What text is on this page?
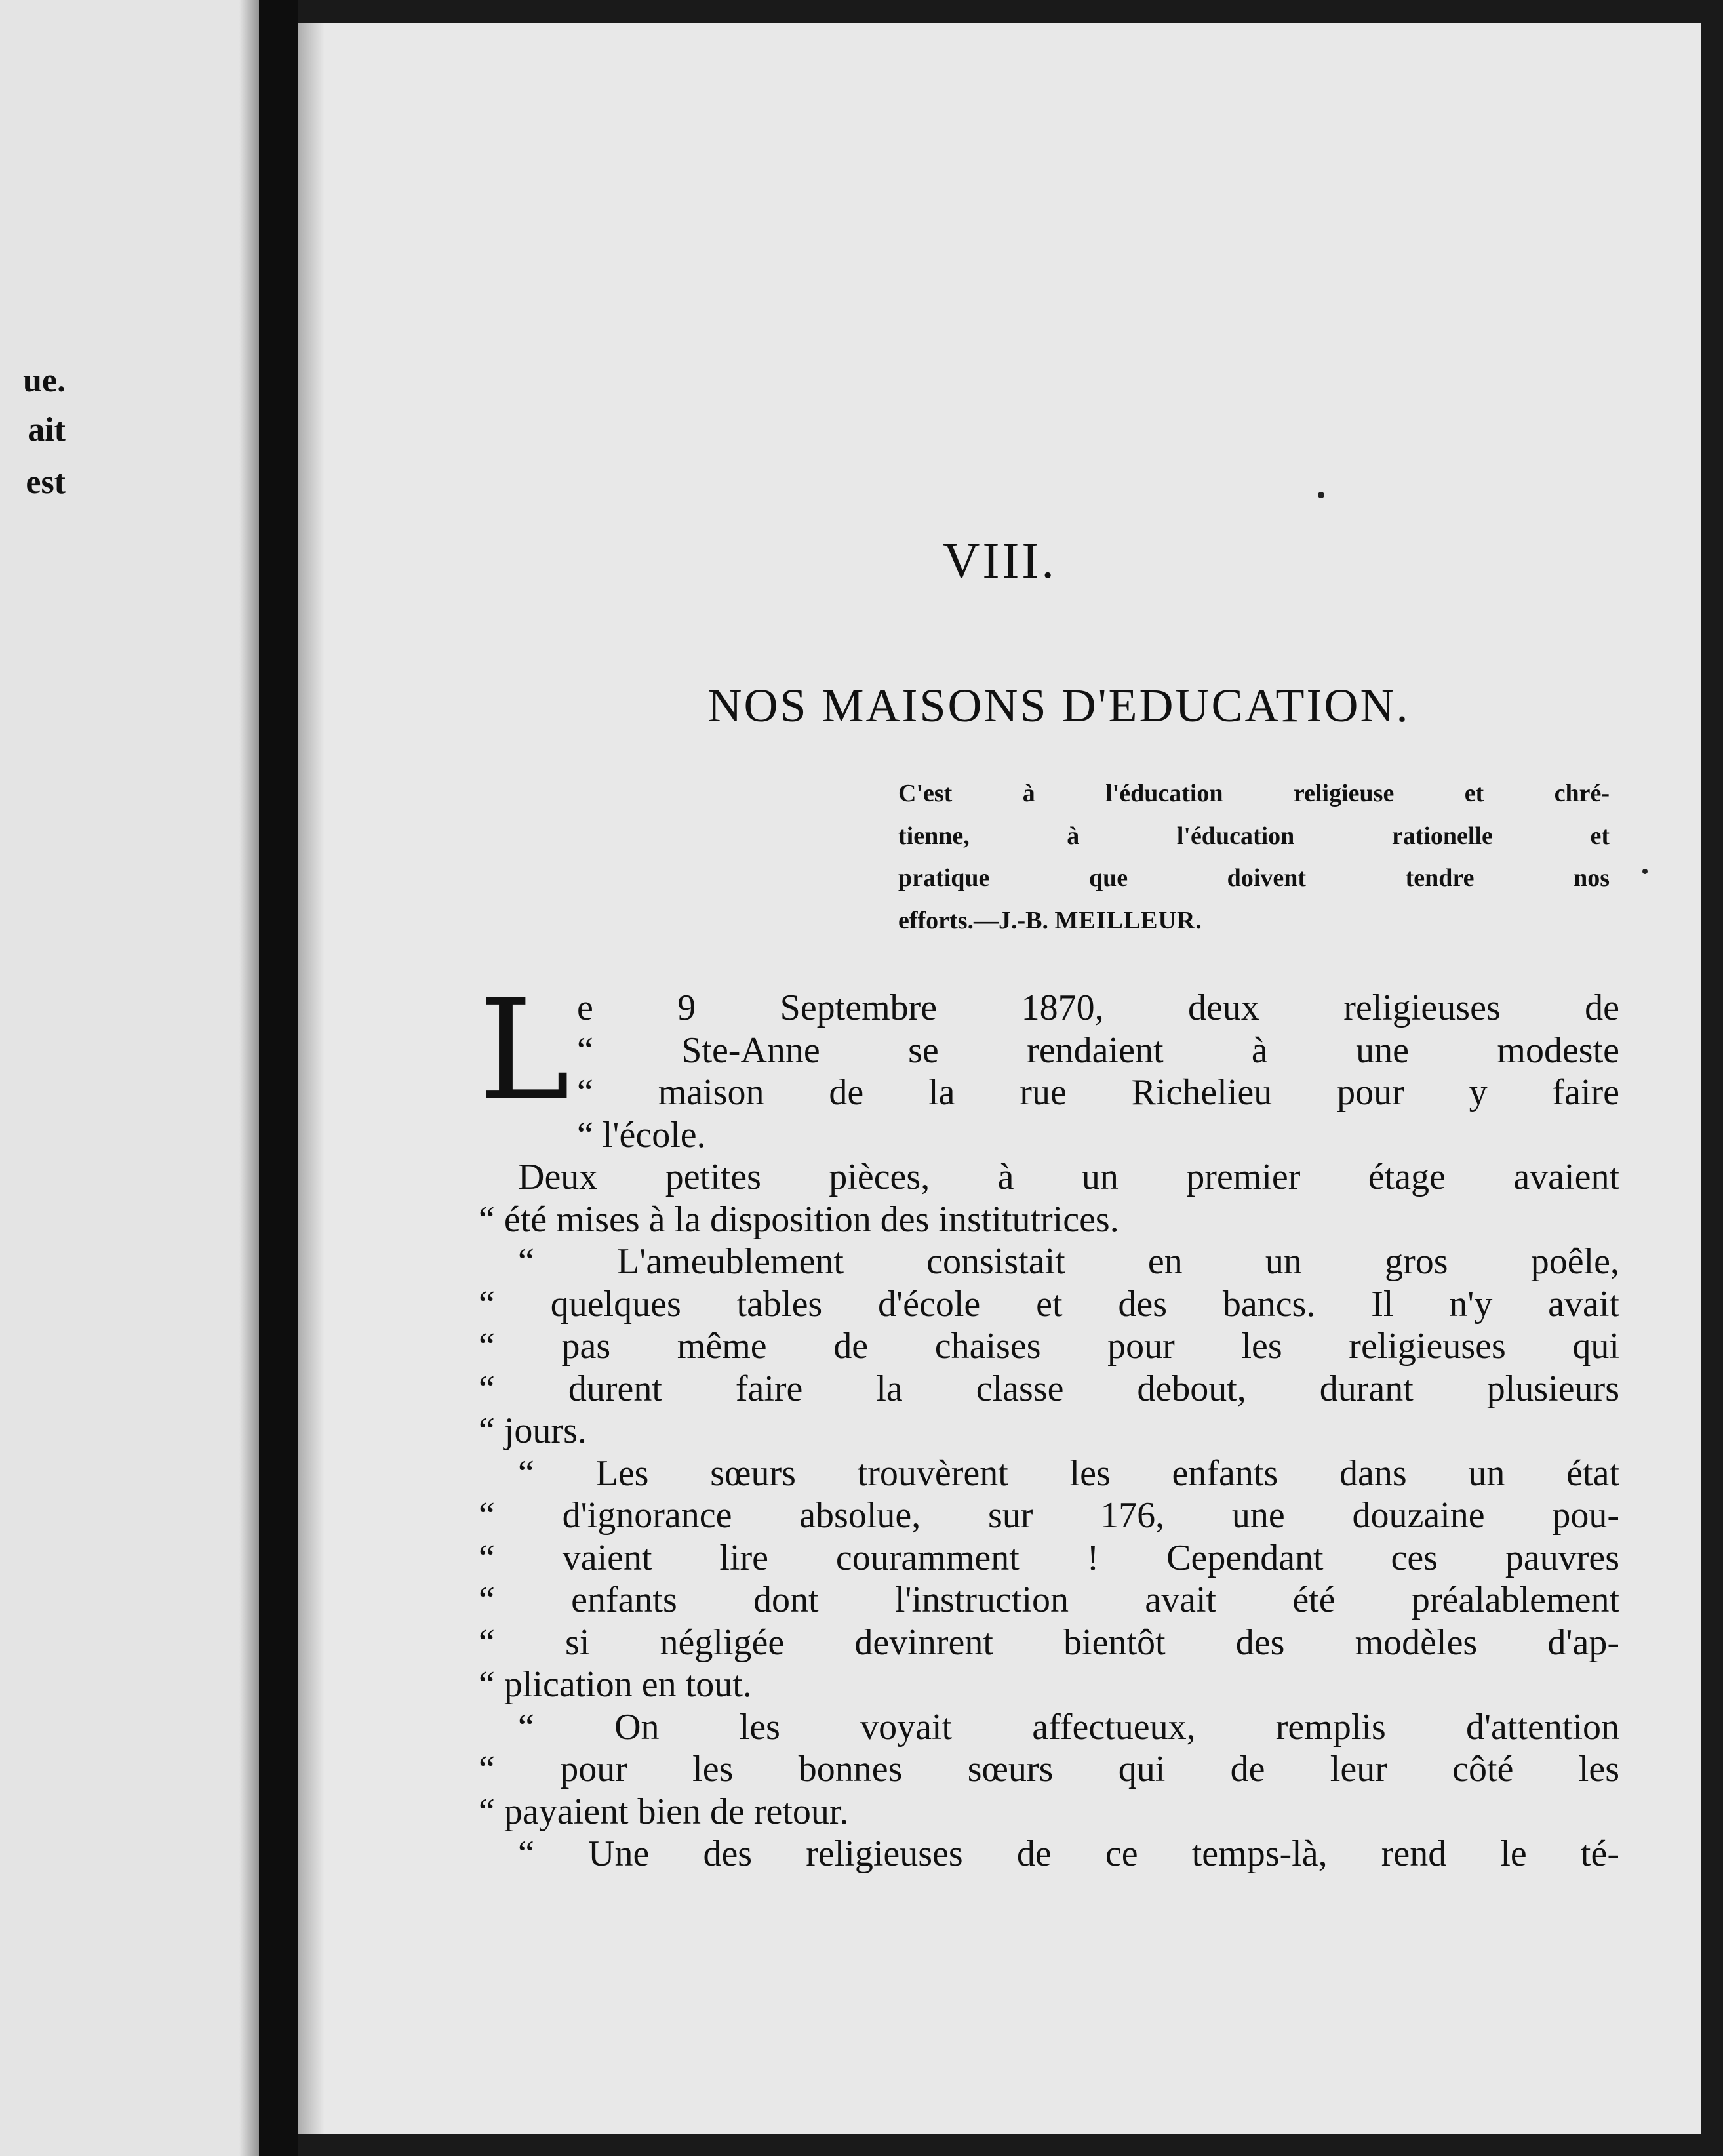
ue.
ait
est
VIII.
NOS MAISONS D'EDUCATION.
C'est à l'éducation religieuse et chré-
tienne, à l'éducation rationelle et
pratique que doivent tendre nos
efforts.—J.-B. MEILLEUR.
L e 9 Septembre 1870, deux religieuses de
“ Ste-Anne se rendaient à une modeste
“ maison de la rue Richelieu pour y faire
“ l'école.
Deux petites pièces, à un premier étage avaient
“ été mises à la disposition des institutrices.
“ L'ameublement consistait en un gros poêle,
“ quelques tables d'école et des bancs. Il n'y avait
“ pas même de chaises pour les religieuses qui
“ durent faire la classe debout, durant plusieurs
“ jours.
“ Les sœurs trouvèrent les enfants dans un état
“ d'ignorance absolue, sur 176, une douzaine pou-
“ vaient lire couramment ! Cependant ces pauvres
“ enfants dont l'instruction avait été préalablement
“ si négligée devinrent bientôt des modèles d'ap-
“ plication en tout.
“ On les voyait affectueux, remplis d'attention
“ pour les bonnes sœurs qui de leur côté les
“ payaient bien de retour.
“ Une des religieuses de ce temps-là, rend le té-
